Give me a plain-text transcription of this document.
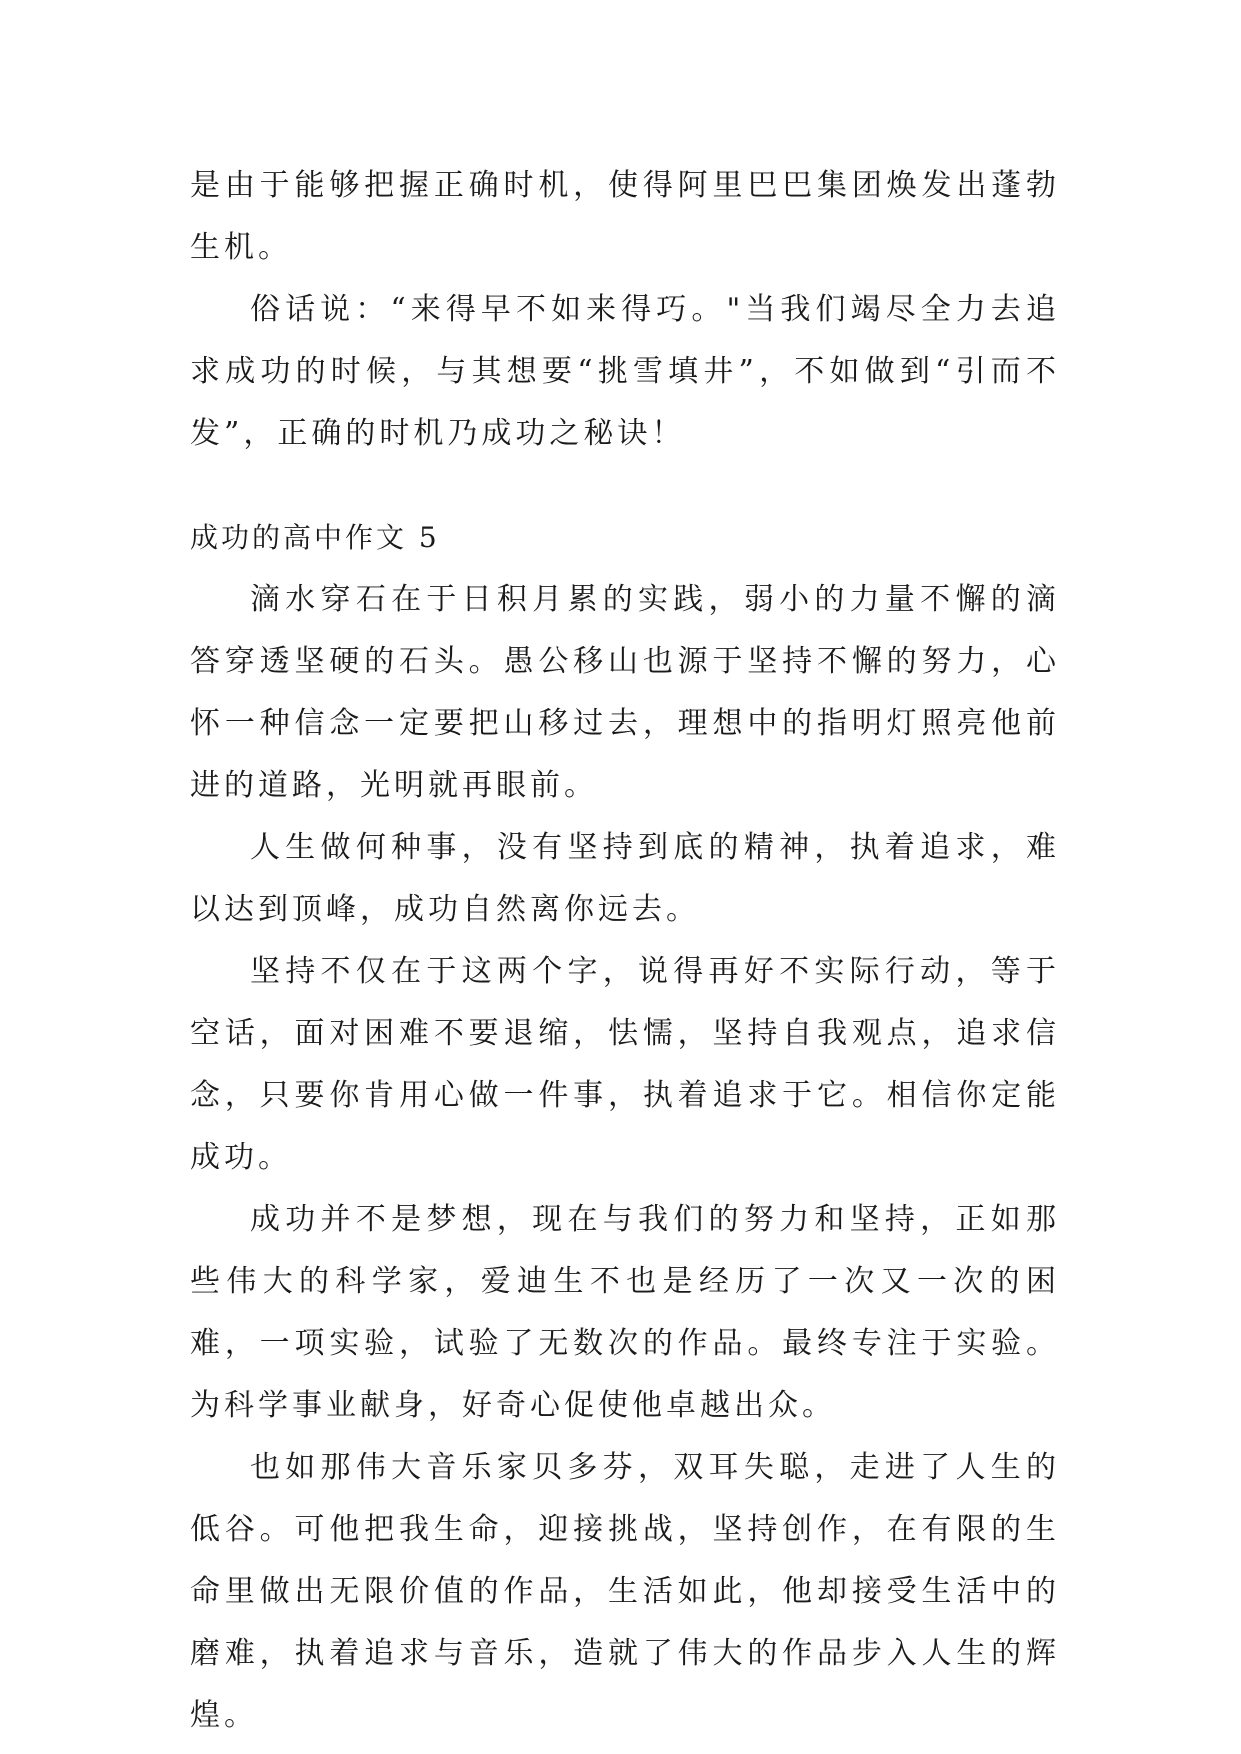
是由于能够把握正确时机，使得阿里巴巴集团焕发出蓬勃生机。

俗话说：“来得早不如来得巧。"当我们竭尽全力去追求成功的时候，与其想要“挑雪填井”，不如做到“引而不发”，正确的时机乃成功之秘诀！

成功的高中作文 5

滴水穿石在于日积月累的实践，弱小的力量不懈的滴答穿透坚硬的石头。愚公移山也源于坚持不懈的努力，心怀一种信念一定要把山移过去，理想中的指明灯照亮他前进的道路，光明就再眼前。

人生做何种事，没有坚持到底的精神，执着追求，难以达到顶峰，成功自然离你远去。

坚持不仅在于这两个字，说得再好不实际行动，等于空话，面对困难不要退缩，怯懦，坚持自我观点，追求信念，只要你肯用心做一件事，执着追求于它。相信你定能成功。

成功并不是梦想，现在与我们的努力和坚持，正如那些伟大的科学家，爱迪生不也是经历了一次又一次的困难，一项实验，试验了无数次的作品。最终专注于实验。为科学事业献身，好奇心促使他卓越出众。

也如那伟大音乐家贝多芬，双耳失聪，走进了人生的低谷。可他把我生命，迎接挑战，坚持创作，在有限的生命里做出无限价值的作品，生活如此，他却接受生活中的磨难，执着追求与音乐，造就了伟大的作品步入人生的辉煌。
